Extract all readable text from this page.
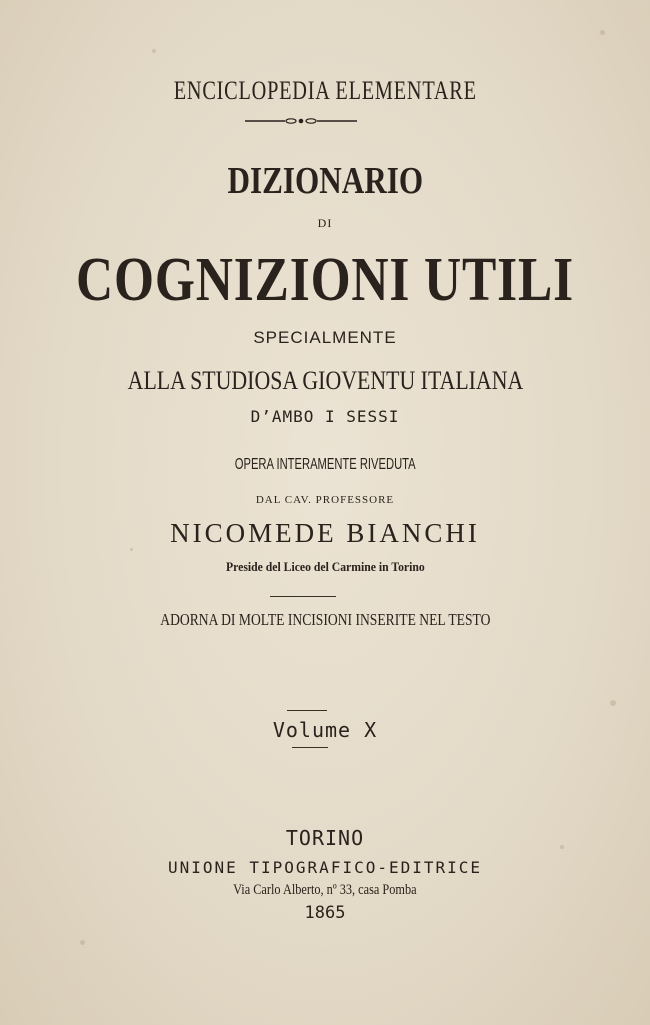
ENCICLOPEDIA ELEMENTARE
DIZIONARIO
DI
COGNIZIONI UTILI
SPECIALMENTE
ALLA STUDIOSA GIOVENTU ITALIANA
D’AMBO I SESSI
OPERA INTERAMENTE RIVEDUTA
DAL CAV. PROFESSORE
NICOMEDE BIANCHI
Preside del Liceo del Carmine in Torino
ADORNA DI MOLTE INCISIONI INSERITE NEL TESTO
Volume X
TORINO
UNIONE TIPOGRAFICO-EDITRICE
Via Carlo Alberto, nº 33, casa Pomba
1865
